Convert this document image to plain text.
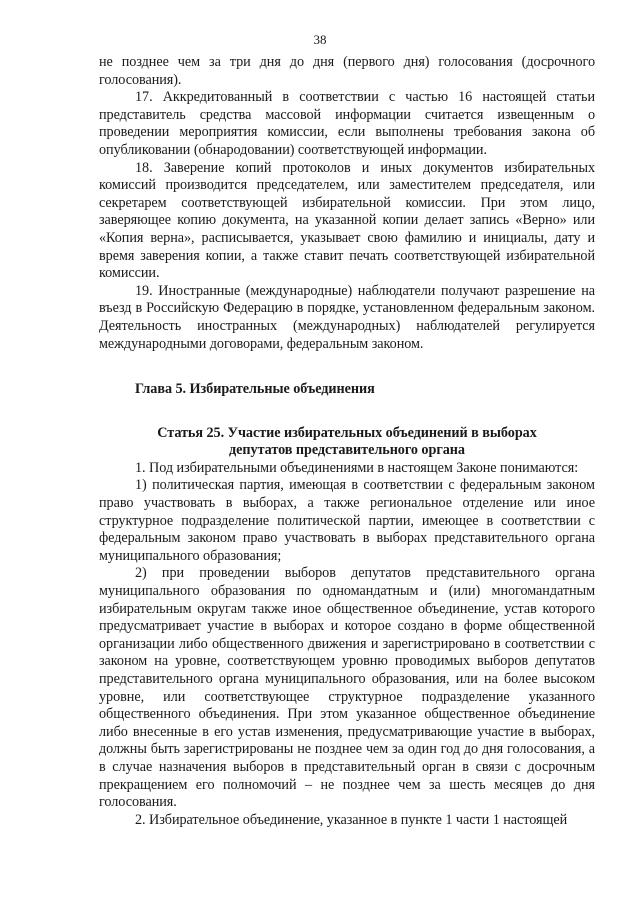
38

не позднее чем за три дня до дня (первого дня) голосования (досрочного голосования).

17. Аккредитованный в соответствии с частью 16 настоящей статьи представитель средства массовой информации считается извещенным о проведении мероприятия комиссии, если выполнены требования закона об опубликовании (обнародовании) соответствующей информации.

18. Заверение копий протоколов и иных документов избирательных комиссий производится председателем, или заместителем председателя, или секретарем соответствующей избирательной комиссии. При этом лицо, заверяющее копию документа, на указанной копии делает запись «Верно» или «Копия верна», расписывается, указывает свою фамилию и инициалы, дату и время заверения копии, а также ставит печать соответствующей избирательной комиссии.

19. Иностранные (международные) наблюдатели получают разрешение на въезд в Российскую Федерацию в порядке, установленном федеральным законом. Деятельность иностранных (международных) наблюдателей регулируется международными договорами, федеральным законом.

Глава 5. Избирательные объединения

Статья 25. Участие избирательных объединений в выборах депутатов представительного органа

1. Под избирательными объединениями в настоящем Законе понимаются:

1) политическая партия, имеющая в соответствии с федеральным законом право участвовать в выборах, а также региональное отделение или иное структурное подразделение политической партии, имеющее в соответствии с федеральным законом право участвовать в выборах представительного органа муниципального образования;

2) при проведении выборов депутатов представительного органа муниципального образования по одномандатным и (или) многомандатным избирательным округам также иное общественное объединение, устав которого предусматривает участие в выборах и которое создано в форме общественной организации либо общественного движения и зарегистрировано в соответствии с законом на уровне, соответствующем уровню проводимых выборов депутатов представительного органа муниципального образования, или на более высоком уровне, или соответствующее структурное подразделение указанного общественного объединения. При этом указанное общественное объединение либо внесенные в его устав изменения, предусматривающие участие в выборах, должны быть зарегистрированы не позднее чем за один год до дня голосования, а в случае назначения выборов в представительный орган в связи с досрочным прекращением его полномочий – не позднее чем за шесть месяцев до дня голосования.

2. Избирательное объединение, указанное в пункте 1 части 1 настоящей
